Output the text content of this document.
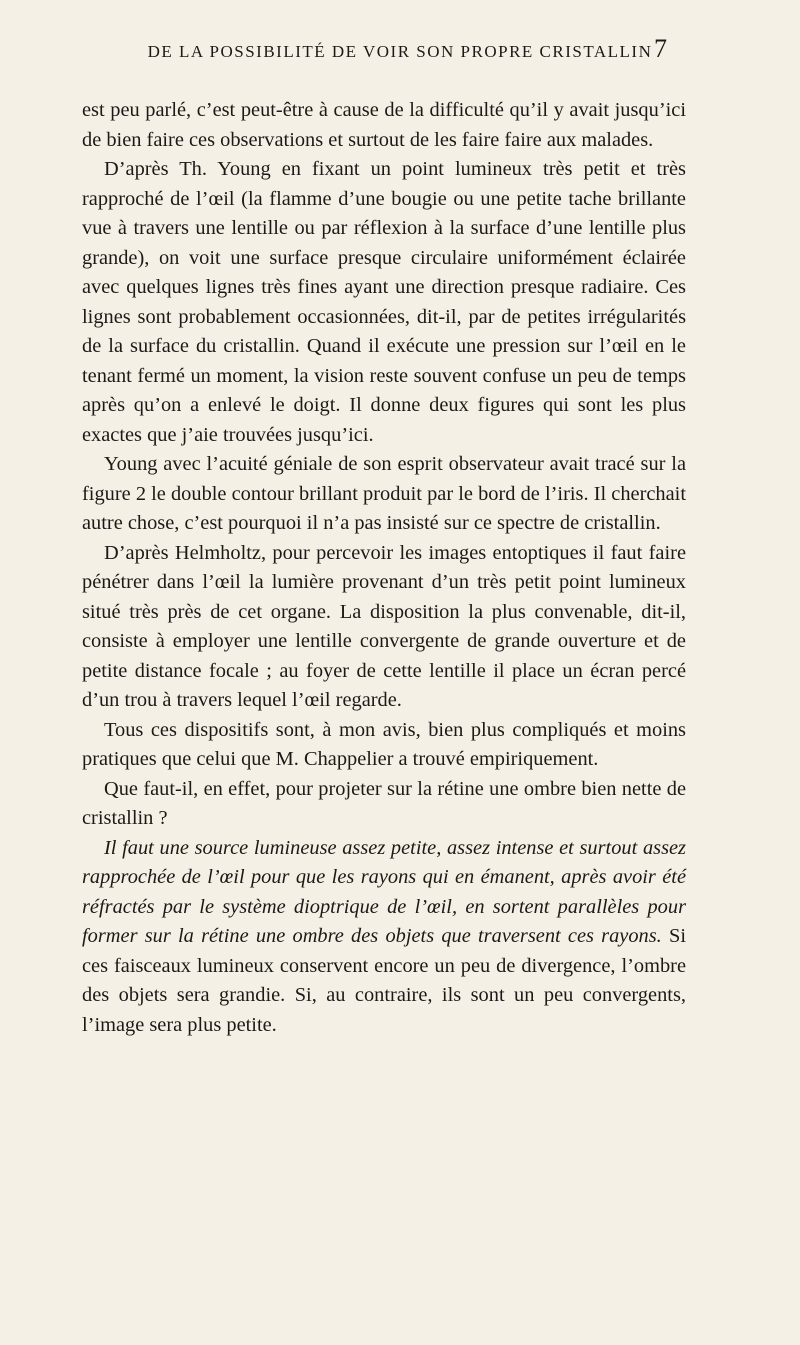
DE LA POSSIBILITÉ DE VOIR SON PROPRE CRISTALLIN 7

est peu parlé, c’est peut-être à cause de la difficulté qu’il y avait jusqu’ici de bien faire ces observations et surtout de les faire faire aux malades.

D’après Th. Young en fixant un point lumineux très petit et très rapproché de l’œil (la flamme d’une bougie ou une petite tache brillante vue à travers une lentille ou par réflexion à la surface d’une lentille plus grande), on voit une surface presque circulaire uniformément éclairée avec quelques lignes très fines ayant une direction presque radiaire. Ces lignes sont probablement occasionnées, dit-il, par de petites irrégularités de la surface du cristallin. Quand il exécute une pression sur l’œil en le tenant fermé un moment, la vision reste souvent confuse un peu de temps après qu’on a enlevé le doigt. Il donne deux figures qui sont les plus exactes que j’aie trouvées jusqu’ici.

Young avec l’acuité géniale de son esprit observateur avait tracé sur la figure 2 le double contour brillant produit par le bord de l’iris. Il cherchait autre chose, c’est pourquoi il n’a pas insisté sur ce spectre de cristallin.

D’après Helmholtz, pour percevoir les images entoptiques il faut faire pénétrer dans l’œil la lumière provenant d’un très petit point lumineux situé très près de cet organe. La disposition la plus convenable, dit-il, consiste à employer une lentille convergente de grande ouverture et de petite distance focale ; au foyer de cette lentille il place un écran percé d’un trou à travers lequel l’œil regarde.

Tous ces dispositifs sont, à mon avis, bien plus compliqués et moins pratiques que celui que M. Chappelier a trouvé empiriquement.

Que faut-il, en effet, pour projeter sur la rétine une ombre bien nette de cristallin ?

Il faut une source lumineuse assez petite, assez intense et surtout assez rapprochée de l’œil pour que les rayons qui en émanent, après avoir été réfractés par le système dioptrique de l’œil, en sortent parallèles pour former sur la rétine une ombre des objets que traversent ces rayons. Si ces faisceaux lumineux conservent encore un peu de divergence, l’ombre des objets sera grandie. Si, au contraire, ils sont un peu convergents, l’image sera plus petite.
